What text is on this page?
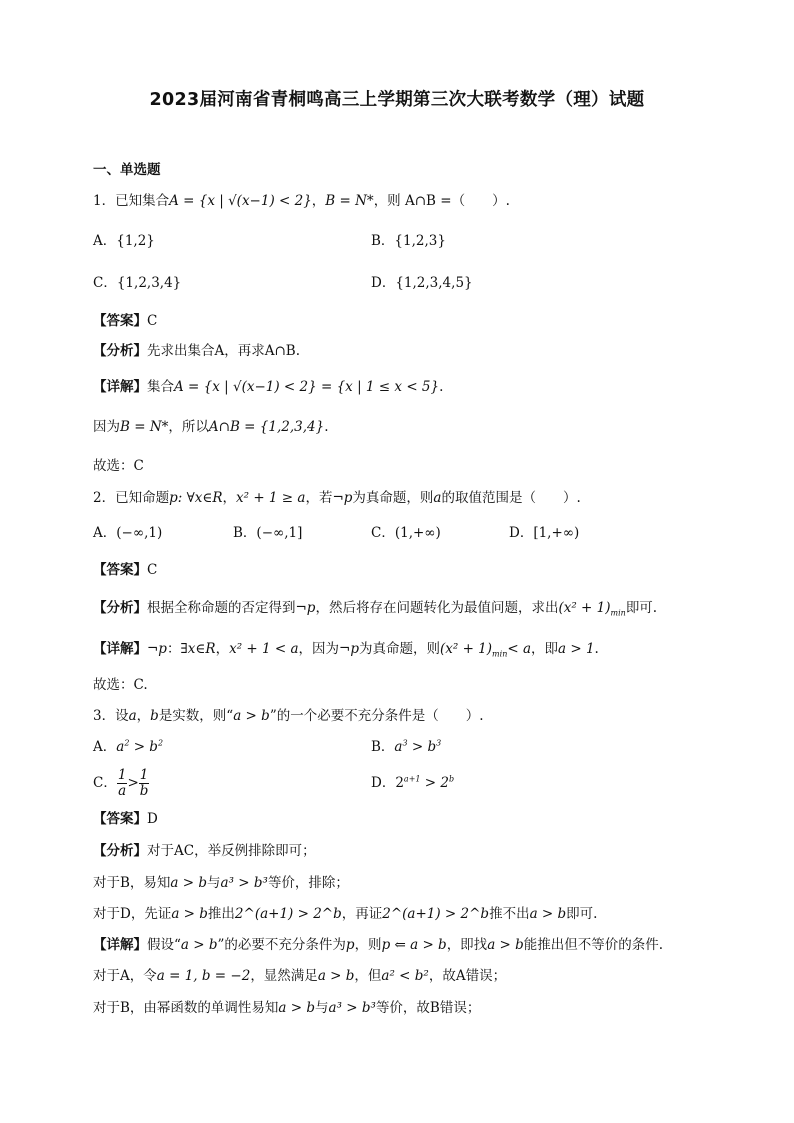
2023届河南省青桐鸣高三上学期第三次大联考数学（理）试题
一、单选题
1．已知集合A = {x | √(x−1) < 2}，B = N*，则 A∩B =（　　）.
A．{1,2}	B．{1,2,3}
C．{1,2,3,4}	D．{1,2,3,4,5}
【答案】C
【分析】先求出集合A，再求A∩B.
【详解】集合A = {x | √(x−1) < 2} = {x | 1 ≤ x < 5}.
因为B = N*，所以A∩B = {1,2,3,4}.
故选：C
2．已知命题p: ∀x∈R，x² + 1 ≥ a，若¬p为真命题，则a的取值范围是（　　）.
A．(−∞,1)	B．(−∞,1]	C．(1,+∞)	D．[1,+∞)
【答案】C
【分析】根据全称命题的否定得到¬p，然后将存在问题转化为最值问题，求出$(x^2 + 1)_{min}$即可.
【详解】¬p：∃x∈R，x² + 1 < a，因为¬p为真命题，则$(x^2 + 1)_{min}< a$，即a > 1.
故选：C.
3．设a，b是实数，则“a > b”的一个必要不充分条件是（　　）.
A．$a^2 > b^2$	B．$a^3 > b^3$
C． $\frac{1}{a} > \frac{1}{b}$	D．$2^{a+1} > 2^b$
【答案】D
【分析】对于AC，举反例排除即可；
对于B，易知a > b与a³ > b³等价，排除；
对于D，先证a > b推出2^(a+1) > 2^b，再证2^(a+1) > 2^b推不出a > b即可.
【详解】假设“a > b”的必要不充分条件为p，则p ⇐ a > b，即找a > b能推出但不等价的条件.
对于A，令a = 1, b = −2，显然满足a > b，但a² < b²，故A错误；
对于B，由幂函数的单调性易知a > b与a³ > b³等价，故B错误；
